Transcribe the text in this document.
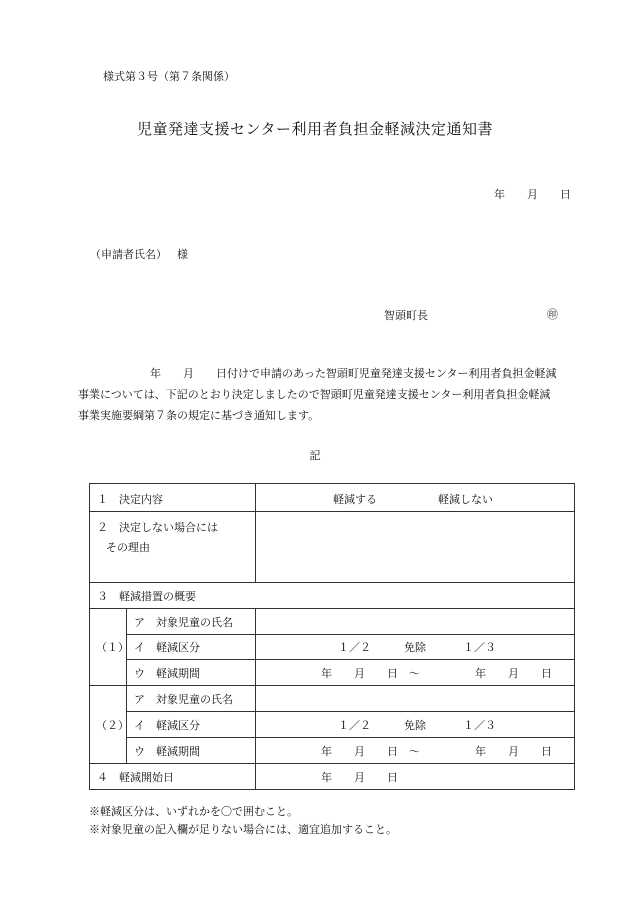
様式第３号（第７条関係）
児童発達支援センター利用者負担金軽減決定通知書
年 月 日
（申請者氏名） 様
智頭町長	㊞
年 月 日付けで申請のあった智頭町児童発達支援センター利用者負担金軽減
事業については、下記のとおり決定しましたので智頭町児童発達支援センター利用者負担金軽減
事業実施要綱第７条の規定に基づき通知します。
記
１　決定内容	軽減する	軽減しない
２　決定しない場合には
その理由
３　軽減措置の概要
（１）
ア　対象児童の氏名
イ　軽減区分	１／２	免除	１／３
ウ　軽減期間	年　　月　　日　～　　　　　年　　月　　日
（２）
ア　対象児童の氏名
イ　軽減区分	１／２	免除	１／３
ウ　軽減期間	年　　月　　日　～　　　　　年　　月　　日
４　軽減開始日	年　　月　　日
※軽減区分は、いずれかを〇で囲むこと。
※対象児童の記入欄が足りない場合には、適宜追加すること。
